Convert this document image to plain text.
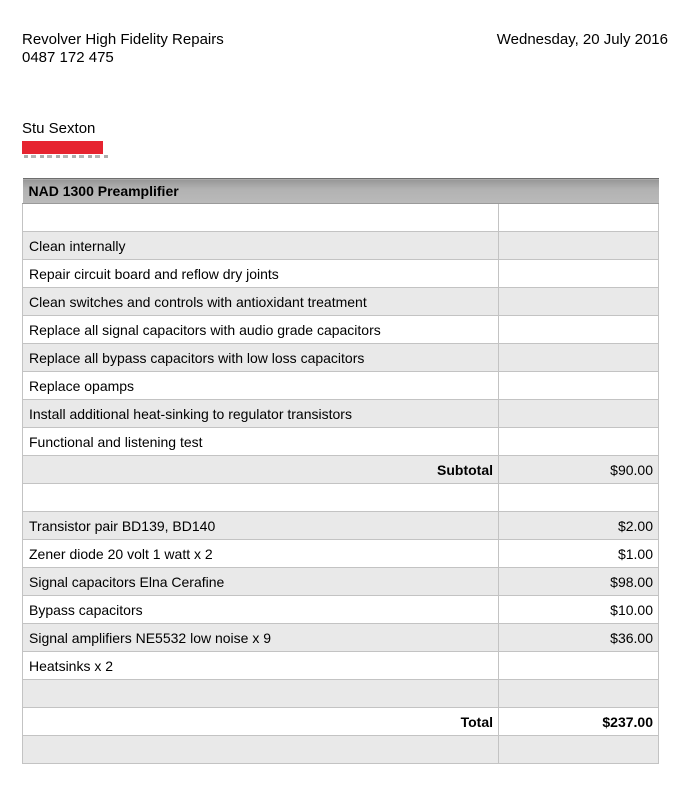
Revolver High Fidelity Repairs
0487 172 475
Wednesday, 20 July 2016
Stu Sexton
NAD 1300 Preamplifier	

Clean internally	
Repair circuit board and reflow dry joints	
Clean switches and controls with antioxidant treatment	
Replace all signal capacitors with audio grade capacitors	
Replace all bypass capacitors with low loss capacitors	
Replace opamps	
Install additional heat-sinking to regulator transistors	
Functional and listening test	
Subtotal	$90.00

Transistor pair BD139, BD140	$2.00
Zener diode 20 volt 1 watt x 2	$1.00
Signal capacitors Elna Cerafine	$98.00
Bypass capacitors	$10.00
Signal amplifiers NE5532 low noise x 9	$36.00
Heatsinks x 2	

Total	$237.00
